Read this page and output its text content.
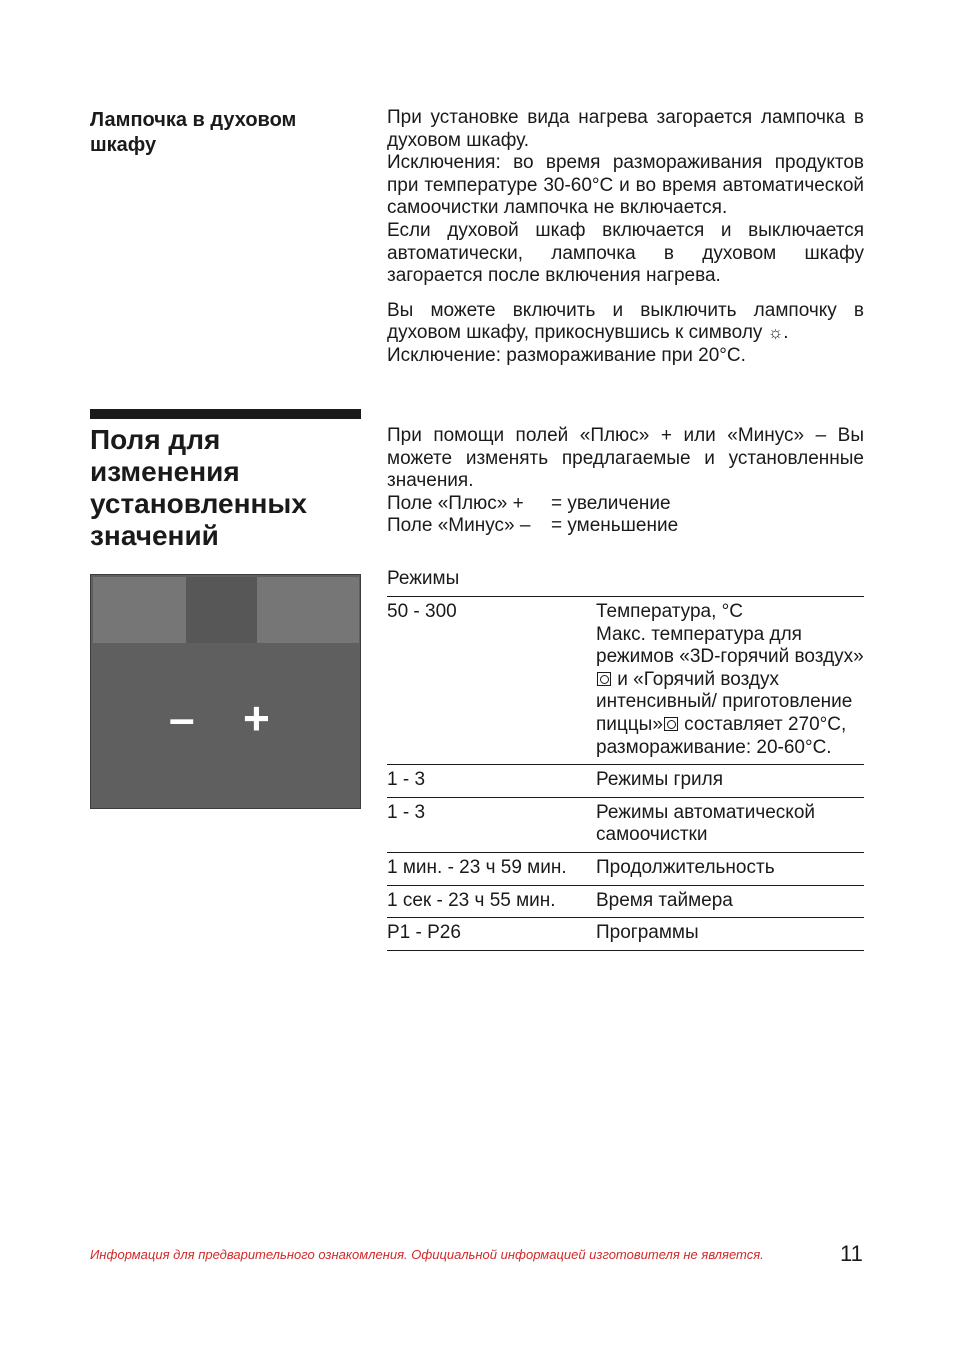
Лампочка в духовом шкафу

При установке вида нагрева загорается лампочка в духовом шкафу.

Исключения: во время размораживания продуктов при температуре 30-60°C и во время автоматической самоочистки лампочка не включается.

Если духовой шкаф включается и выключается автоматически, лампочка в духовом шкафу загорается после включения нагрева.

Вы можете включить и выключить лампочку в духовом шкафу, прикоснувшись к символу ☼.

Исключение: размораживание при 20°C.

Поля для изменения установленных значений

При помощи полей «Плюс» + или «Минус» – Вы можете изменять предлагаемые и установленные значения.

Поле «Плюс» +	= увеличение
Поле «Минус» –	= уменьшение
– +
Режимы
50 - 300	Температура, °C
Макс. температура для режимов «3D-горячий воздух» и «Горячий воздух интенсивный/ приготовление пиццы» составляет 270°C, размораживание: 20-60°C.
1 - 3	Режимы гриля
1 - 3	Режимы автоматической самоочистки
1 мин. - 23 ч 59 мин.	Продолжительность
1 сек - 23 ч 55 мин.	Время таймера
P1 - P26	Программы
Информация для предварительного ознакомления. Официальной информацией изготовителя не является.	11
